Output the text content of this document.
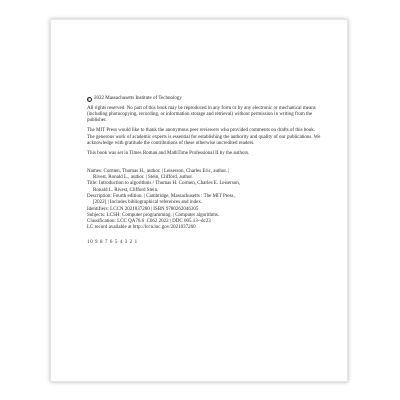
C 2022 Massachusetts Institute of Technology

All rights reserved. No part of this book may be reproduced in any form or by any electronic or mechanical means (including photocopying, recording, or information storage and retrieval) without permission in writing from the publisher.

The MIT Press would like to thank the anonymous peer reviewers who provided comments on drafts of this book. The generous work of academic experts is essential for establishing the authority and quality of our publications. We acknowledge with gratitude the contributions of these otherwise uncredited readers.

This book was set in Times Roman and MathTime Professional II by the authors.

Names: Cormen, Thomas H., author. | Leiserson, Charles Eric, author. |

Rivest, Ronald L., author. | Stein, Clifford, author.

Title: Introduction to algorithms / Thomas H. Cormen, Charles E. Leiserson,

Ronald L. Rivest, Clifford Stein.

Description: Fourth edition. | Cambridge, Massachusetts : The MIT Press,

[2022] | Includes bibliographical references and index.

Identifiers: LCCN 2021037260 | ISBN 9780262046305

Subjects: LCSH: Computer programming. | Computer algorithms.

Classification: LCC QA76.6 .C662 2022 | DDC 005.13--dc23

LC record available at http://lccn.loc.gov/2021037260

10 9 8 7 6 5 4 3 2 1
